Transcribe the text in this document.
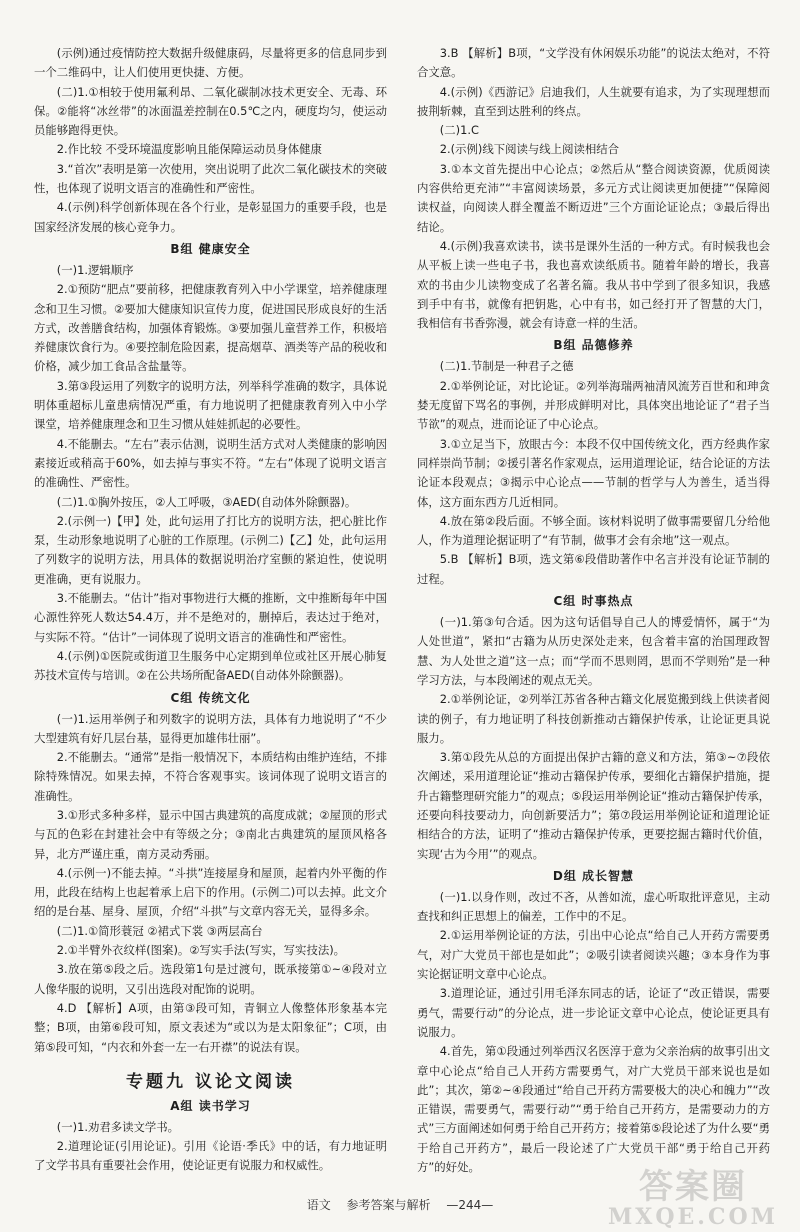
(示例)通过疫情防控大数据升级健康码，尽量将更多的信息同步到一个二维码中，让人们使用更快捷、方便。

(二)1.①相较于使用氟利昂、二氧化碳制冰技术更安全、无毒、环保。②能将“冰丝带”的冰面温差控制在0.5℃之内，硬度均匀，使运动员能够跑得更快。

2.作比较 不受环境温度影响且能保障运动员身体健康

3.“首次”表明是第一次使用，突出说明了此次二氧化碳技术的突破性，也体现了说明文语言的准确性和严密性。

4.(示例)科学创新体现在各个行业，是彰显国力的重要手段，也是国家经济发展的核心竞争力。

B组 健康安全

(一)1.逻辑顺序

2.①预防“肥点”要前移，把健康教育列入中小学课堂，培养健康理念和卫生习惯。②要加大健康知识宣传力度，促进国民形成良好的生活方式，改善膳食结构，加强体育锻炼。③要加强儿童营养工作，积极培养健康饮食行为。④要控制危险因素，提高烟草、酒类等产品的税收和价格，减少加工食品含盐量等。

3.第③段运用了列数字的说明方法，列举科学准确的数字，具体说明体重超标儿童患病情况严重，有力地说明了把健康教育列入中小学课堂，培养健康理念和卫生习惯从娃娃抓起的必要性。

4.不能删去。“左右”表示估测，说明生活方式对人类健康的影响因素接近或稍高于60%，如去掉与事实不符。“左右”体现了说明文语言的准确性、严密性。

(二)1.①胸外按压，②人工呼吸，③AED(自动体外除颤器)。

2.(示例一)【甲】处，此句运用了打比方的说明方法，把心脏比作泵，生动形象地说明了心脏的工作原理。(示例二)【乙】处，此句运用了列数字的说明方法，用具体的数据说明治疗室颤的紧迫性，使说明更准确，更有说服力。

3.不能删去。“估计”指对事物进行大概的推断，文中推断每年中国心源性猝死人数达54.4万，并不是绝对的，删掉后，表达过于绝对，与实际不符。“估计”一词体现了说明文语言的准确性和严密性。

4.(示例)①医院或街道卫生服务中心定期到单位或社区开展心肺复苏技术宣传与培训。②在公共场所配备AED(自动体外除颤器)。

C组 传统文化

(一)1.运用举例子和列数字的说明方法，具体有力地说明了“不少大型建筑有好几层台基，显得更加雄伟壮丽”。

2.不能删去。“通常”是指一般情况下，本质结构由维护连结，不排除特殊情况。如果去掉，不符合客观事实。该词体现了说明文语言的准确性。

3.①形式多种多样，显示中国古典建筑的高度成就；②屋顶的形式与瓦的色彩在封建社会中有等级之分；③南北古典建筑的屋顶风格各异，北方严谨庄重，南方灵动秀丽。

4.(示例一)不能去掉。“斗拱”连接屋身和屋顶，起着内外平衡的作用，此段在结构上也起着承上启下的作用。(示例二)可以去掉。此文介绍的是台基、屋身、屋顶，介绍“斗拱”与文章内容无关，显得多余。

(二)1.①简形蓑冠 ②裙式下裳 ③两层高台

2.①半臂外衣纹样(图案)。②写实手法(写实，写实技法)。

3.放在第⑤段之后。选段第1句是过渡句，既承接第①~④段对立人像华服的说明，又引出选段对配饰的说明。

4.D 【解析】A项，由第③段可知，青铜立人像整体形象基本完整；B项，由第⑥段可知，原文表述为“或以为是太阳象征”；C项，由第⑤段可知，“内衣和外套一左一右开襟”的说法有误。

专题九 议论文阅读
A组 读书学习

(一)1.劝君多读文学书。

2.道理论证(引用论证)。引用《论语·季氏》中的话，有力地证明了文学书具有重要社会作用，使论证更有说服力和权威性。

3.B 【解析】B项，“文学没有休闲娱乐功能”的说法太绝对，不符合文意。

4.(示例)《西游记》启迪我们，人生就要有追求，为了实现理想而披荆斩棘，直至到达胜利的终点。

(二)1.C

2.(示例)线下阅读与线上阅读相结合

3.①本文首先提出中心论点；②然后从“整合阅读资源，优质阅读内容供给更充沛”“丰富阅读场景，多元方式让阅读更加便捷”“保障阅读权益，向阅读人群全覆盖不断迈进”三个方面论证论点；③最后得出结论。

4.(示例)我喜欢读书，读书是课外生活的一种方式。有时候我也会从平板上读一些电子书，我也喜欢读纸质书。随着年龄的增长，我喜欢的书由少儿读物变成了名著名篇。我从书中学到了很多知识，我感到手中有书，就像有把钥匙，心中有书，如己经打开了智慧的大门，我相信有书香弥漫，就会有诗意一样的生活。

B组 品德修养

(二)1.节制是一种君子之德

2.①举例论证，对比论证。②列举海瑞两袖清风流芳百世和和珅贪婪无度留下骂名的事例，并形成鲜明对比，具体突出地论证了“君子当节欲”的观点，进而论证了中心论点。

3.①立足当下，放眼古今：本段不仅中国传统文化，西方经典作家同样崇尚节制；②援引著名作家观点，运用道理论证，结合论证的方法论证本段观点；③揭示中心论点——节制的哲学与人为善生，适当得体，这方面东西方几近相同。

4.放在第②段后面。不够全面。该材料说明了做事需要留几分给他人，作为道理论据证明了“有节制，做事才会有余地”这一观点。

5.B 【解析】B项，选文第⑥段借助著作中名言并没有论证节制的过程。

C组 时事热点

(一)1.第③句合适。因为这句话倡导自己人的博爱情怀，属于“为人处世道”，紧扣“古籍为从历史深处走来，包含着丰富的治国理政智慧、为人处世之道”这一点；而“学而不思则罔，思而不学则殆”是一种学习方法，与本段阐述的观点无关。

2.①举例论证，②列举江苏省各种古籍文化展览搬到线上供读者阅读的例子，有力地证明了科技创新推动古籍保护传承，让论证更具说服力。

3.第①段先从总的方面提出保护古籍的意义和方法，第③~⑦段依次阐述，采用道理论证“推动古籍保护传承，要细化古籍保护措施，提升古籍整理研究能力”的观点；⑤段运用举例论证“推动古籍保护传承，还要向科技要动力，向创新要活力”；第⑦段运用举例论证和道理论证相结合的方法，证明了“推动古籍保护传承，更要挖掘古籍时代价值，实现‘古为今用’”的观点。

D组 成长智慧

(一)1.以身作则，改过不吝，从善如流，虚心听取批评意见，主动查找和纠正思想上的偏差，工作中的不足。

2.①运用举例论证的方法，引出中心论点“给自己人开药方需要勇气，对广大党员干部也是如此”；②吸引读者阅读兴趣；③本身作为事实论据证明文章中心论点。

3.道理论证，通过引用毛泽东同志的话，论证了“改正错误，需要勇气，需要行动”的分论点，进一步论证文章中心论点，使论证更具有说服力。

4.首先，第①段通过列举西汉名医淳于意为父亲治病的故事引出文章中心论点“给自己人开药方需要勇气，对广大党员干部来说也是如此”；其次，第②~④段通过“给自己开药方需要极大的决心和魄力”“改正错误，需要勇气，需要行动”“勇于给自己开药方，是需要动力的方式”三方面阐述如何勇于给自己开药方；接着第⑤段论述了为什么要“勇于给自己开药方”，最后一段论述了广大党员干部“勇于给自己开药方”的好处。

语文 参考答案与解析 —244—	答案圈
MXQE.COM
